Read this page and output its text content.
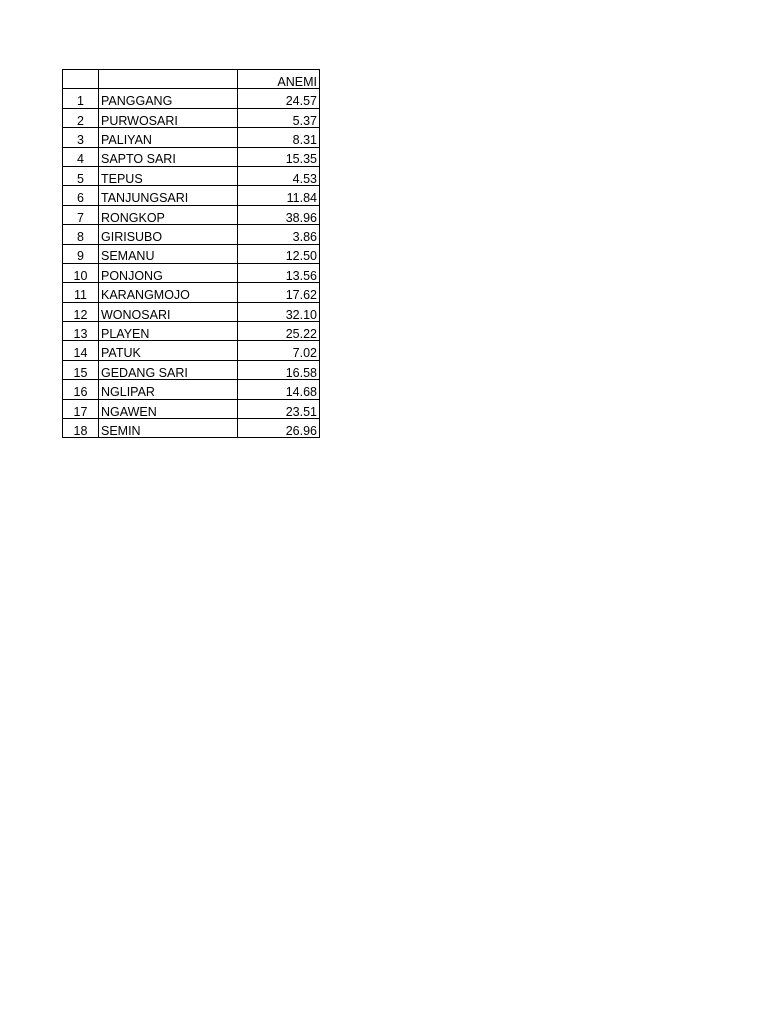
		ANEMI
1	PANGGANG	24.57
2	PURWOSARI	5.37
3	PALIYAN	8.31
4	SAPTO SARI	15.35
5	TEPUS	4.53
6	TANJUNGSARI	11.84
7	RONGKOP	38.96
8	GIRISUBO	3.86
9	SEMANU	12.50
10	PONJONG	13.56
11	KARANGMOJO	17.62
12	WONOSARI	32.10
13	PLAYEN	25.22
14	PATUK	7.02
15	GEDANG SARI	16.58
16	NGLIPAR	14.68
17	NGAWEN	23.51
18	SEMIN	26.96
